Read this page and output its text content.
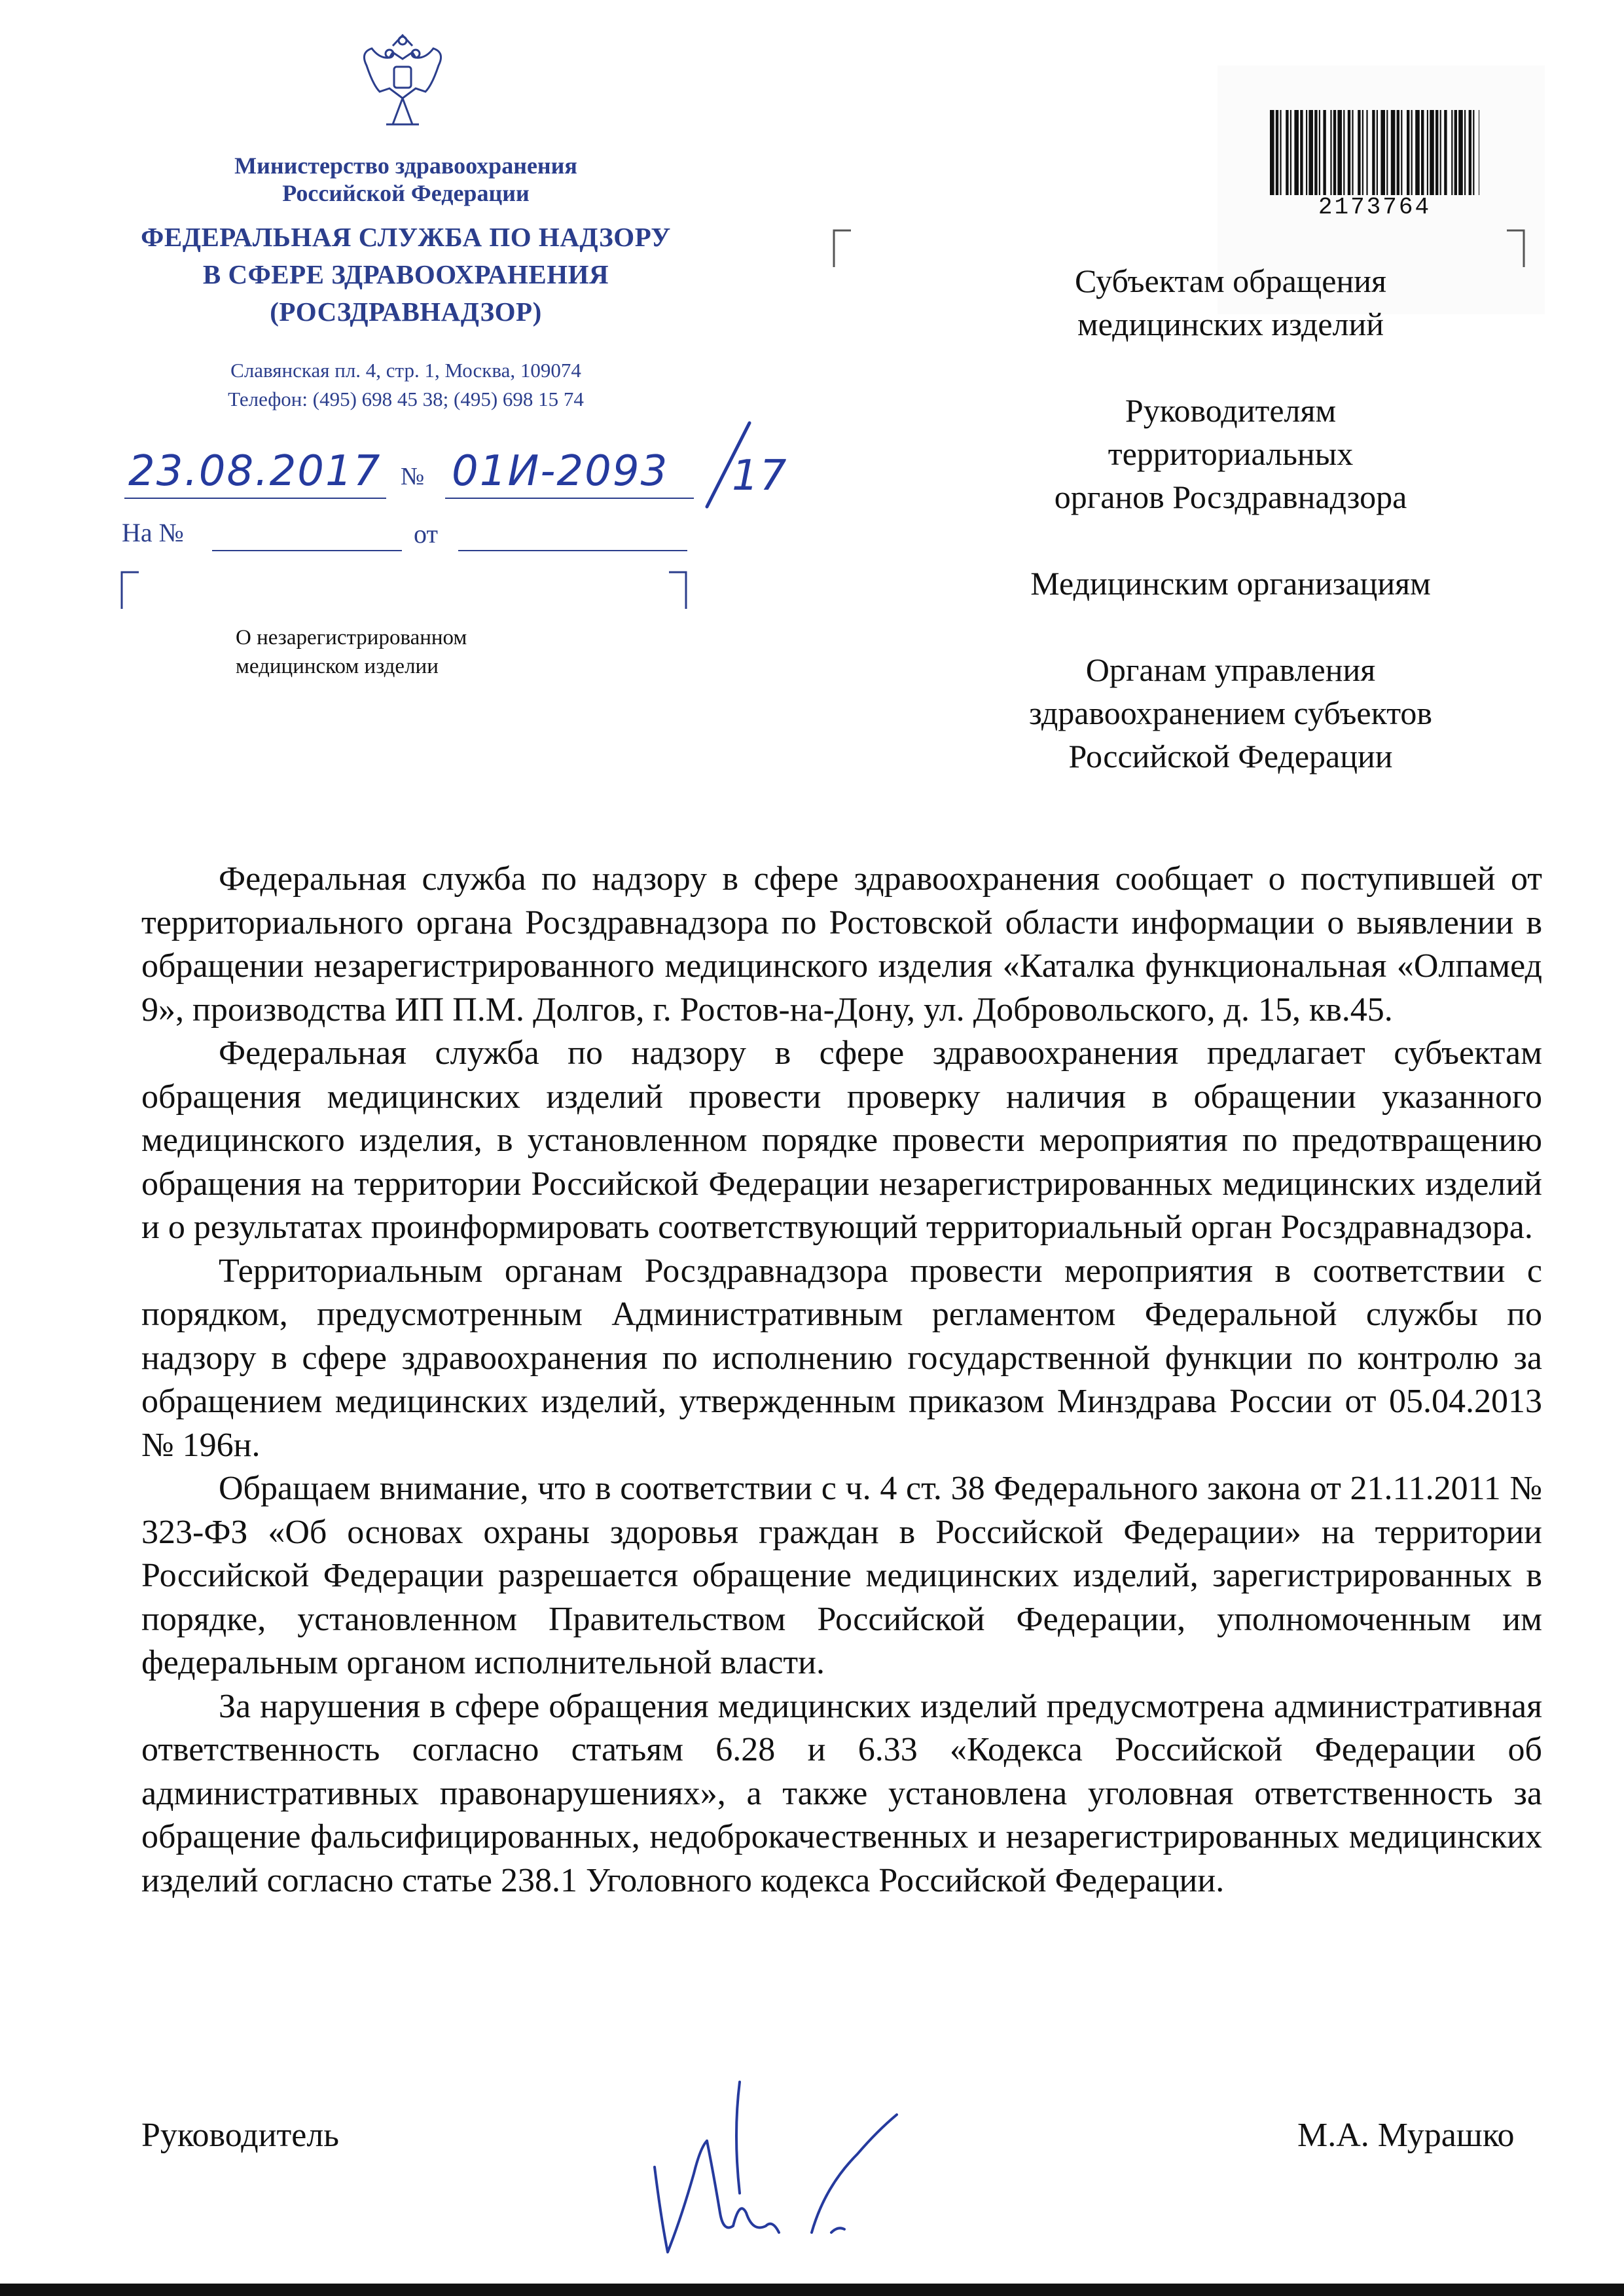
Министерство здравоохранения
Российской Федерации
ФЕДЕРАЛЬНАЯ СЛУЖБА ПО НАДЗОРУ
В СФЕРЕ ЗДРАВООХРАНЕНИЯ
(РОСЗДРАВНАДЗОР)
Славянская пл. 4, стр. 1, Москва, 109074
Телефон: (495) 698 45 38; (495) 698 15 74
23.08.2017 № 01И-2093 17
На №	от
О незарегистрированном
медицинском изделии
2173764
Субъектам обращения
медицинских изделий
Руководителям
территориальных
органов Росздравнадзора
Медицинским организациям
Органам управления
здравоохранением субъектов
Российской Федерации

Федеральная служба по надзору в сфере здравоохранения сообщает о поступившей от территориального органа Росздравнадзора по Ростовской области информации о выявлении в обращении незарегистрированного медицинского изделия «Каталка функциональная «Олпамед 9», производства ИП П.М. Долгов, г. Ростов-на-Дону, ул. Добровольского, д. 15, кв.45.

Федеральная служба по надзору в сфере здравоохранения предлагает субъектам обращения медицинских изделий провести проверку наличия в обращении указанного медицинского изделия, в установленном порядке провести мероприятия по предотвращению обращения на территории Российской Федерации незарегистрированных медицинских изделий и о результатах проинформировать соответствующий территориальный орган Росздравнадзора.

Территориальным органам Росздравнадзора провести мероприятия в соответствии с порядком, предусмотренным Административным регламентом Федеральной службы по надзору в сфере здравоохранения по исполнению государственной функции по контролю за обращением медицинских изделий, утвержденным приказом Минздрава России от 05.04.2013 № 196н.

Обращаем внимание, что в соответствии с ч. 4 ст. 38 Федерального закона от 21.11.2011 № 323-ФЗ «Об основах охраны здоровья граждан в Российской Федерации» на территории Российской Федерации разрешается обращение медицинских изделий, зарегистрированных в порядке, установленном Правительством Российской Федерации, уполномоченным им федеральным органом исполнительной власти.

За нарушения в сфере обращения медицинских изделий предусмотрена административная ответственность согласно статьям 6.28 и 6.33 «Кодекса Российской Федерации об административных правонарушениях», а также установлена уголовная ответственность за обращение фальсифицированных, недоброкачественных и незарегистрированных медицинских изделий согласно статье 238.1 Уголовного кодекса Российской Федерации.

Руководитель	М.А. Мурашко
